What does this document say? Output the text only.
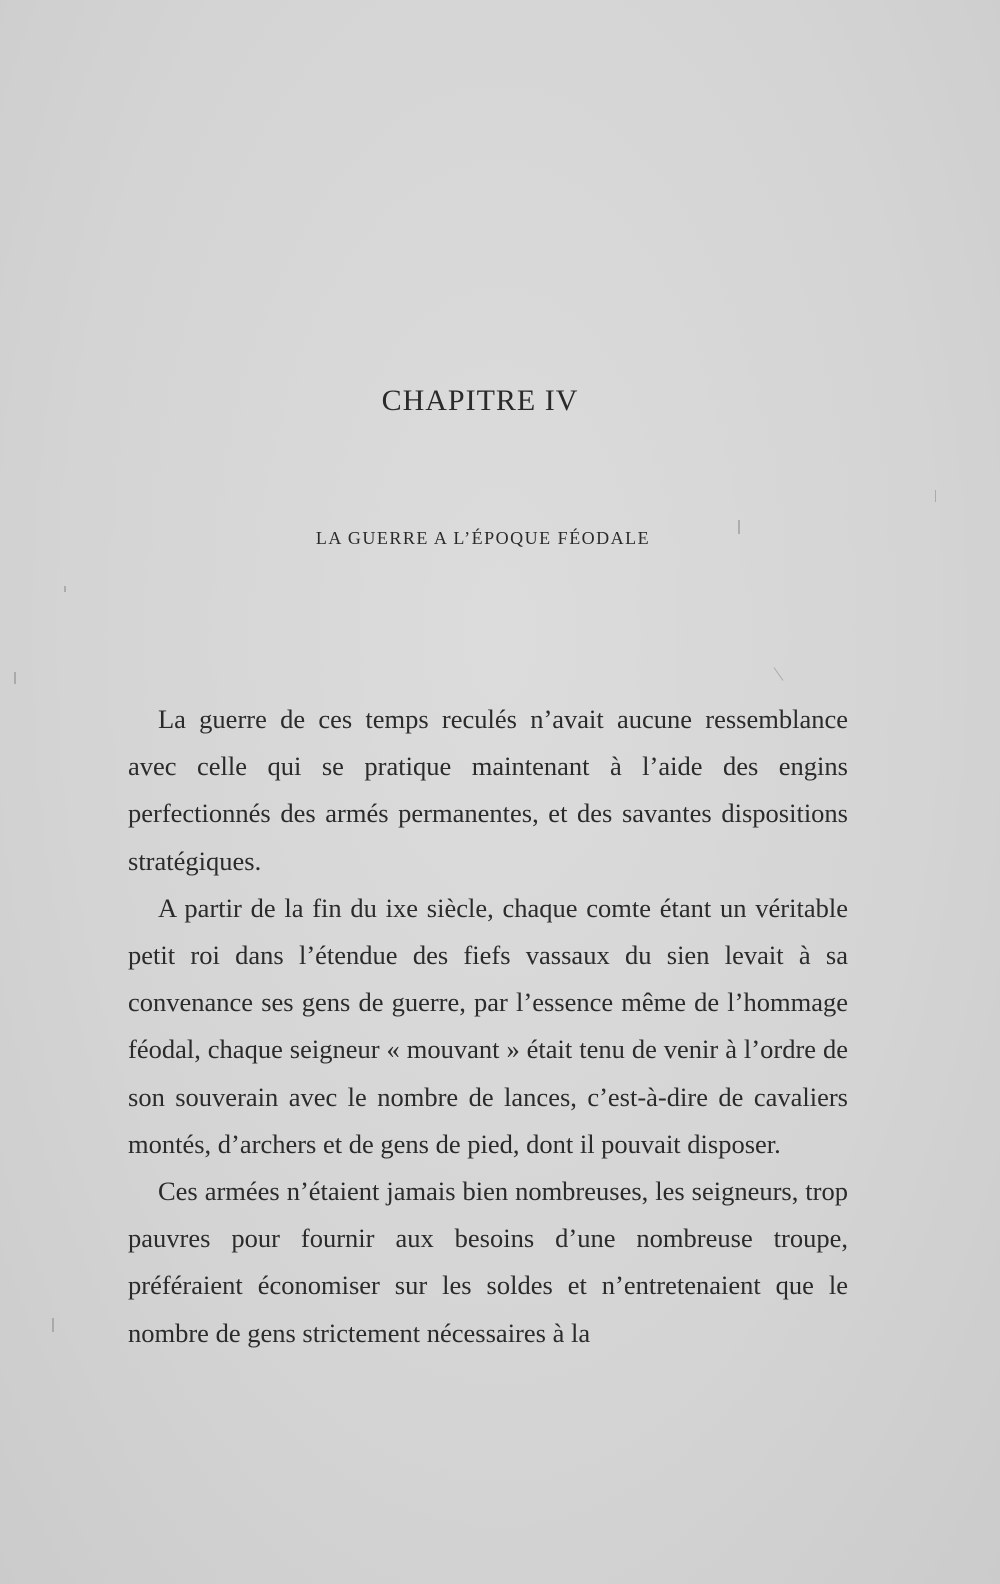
CHAPITRE IV
LA GUERRE A L’ÉPOQUE FÉODALE

La guerre de ces temps reculés n’avait aucune ressemblance avec celle qui se pratique maintenant à l’aide des engins perfectionnés des armés permanentes, et des savantes dispositions stratégiques.

A partir de la fin du ixe siècle, chaque comte étant un véritable petit roi dans l’étendue des fiefs vassaux du sien levait à sa convenance ses gens de guerre, par l’essence même de l’hommage féodal, chaque seigneur « mouvant » était tenu de venir à l’ordre de son souverain avec le nombre de lances, c’est-à-dire de cavaliers montés, d’archers et de gens de pied, dont il pouvait disposer.

Ces armées n’étaient jamais bien nombreuses, les seigneurs, trop pauvres pour fournir aux besoins d’une nombreuse troupe, préféraient économiser sur les soldes et n’entretenaient que le nombre de gens strictement nécessaires à la
